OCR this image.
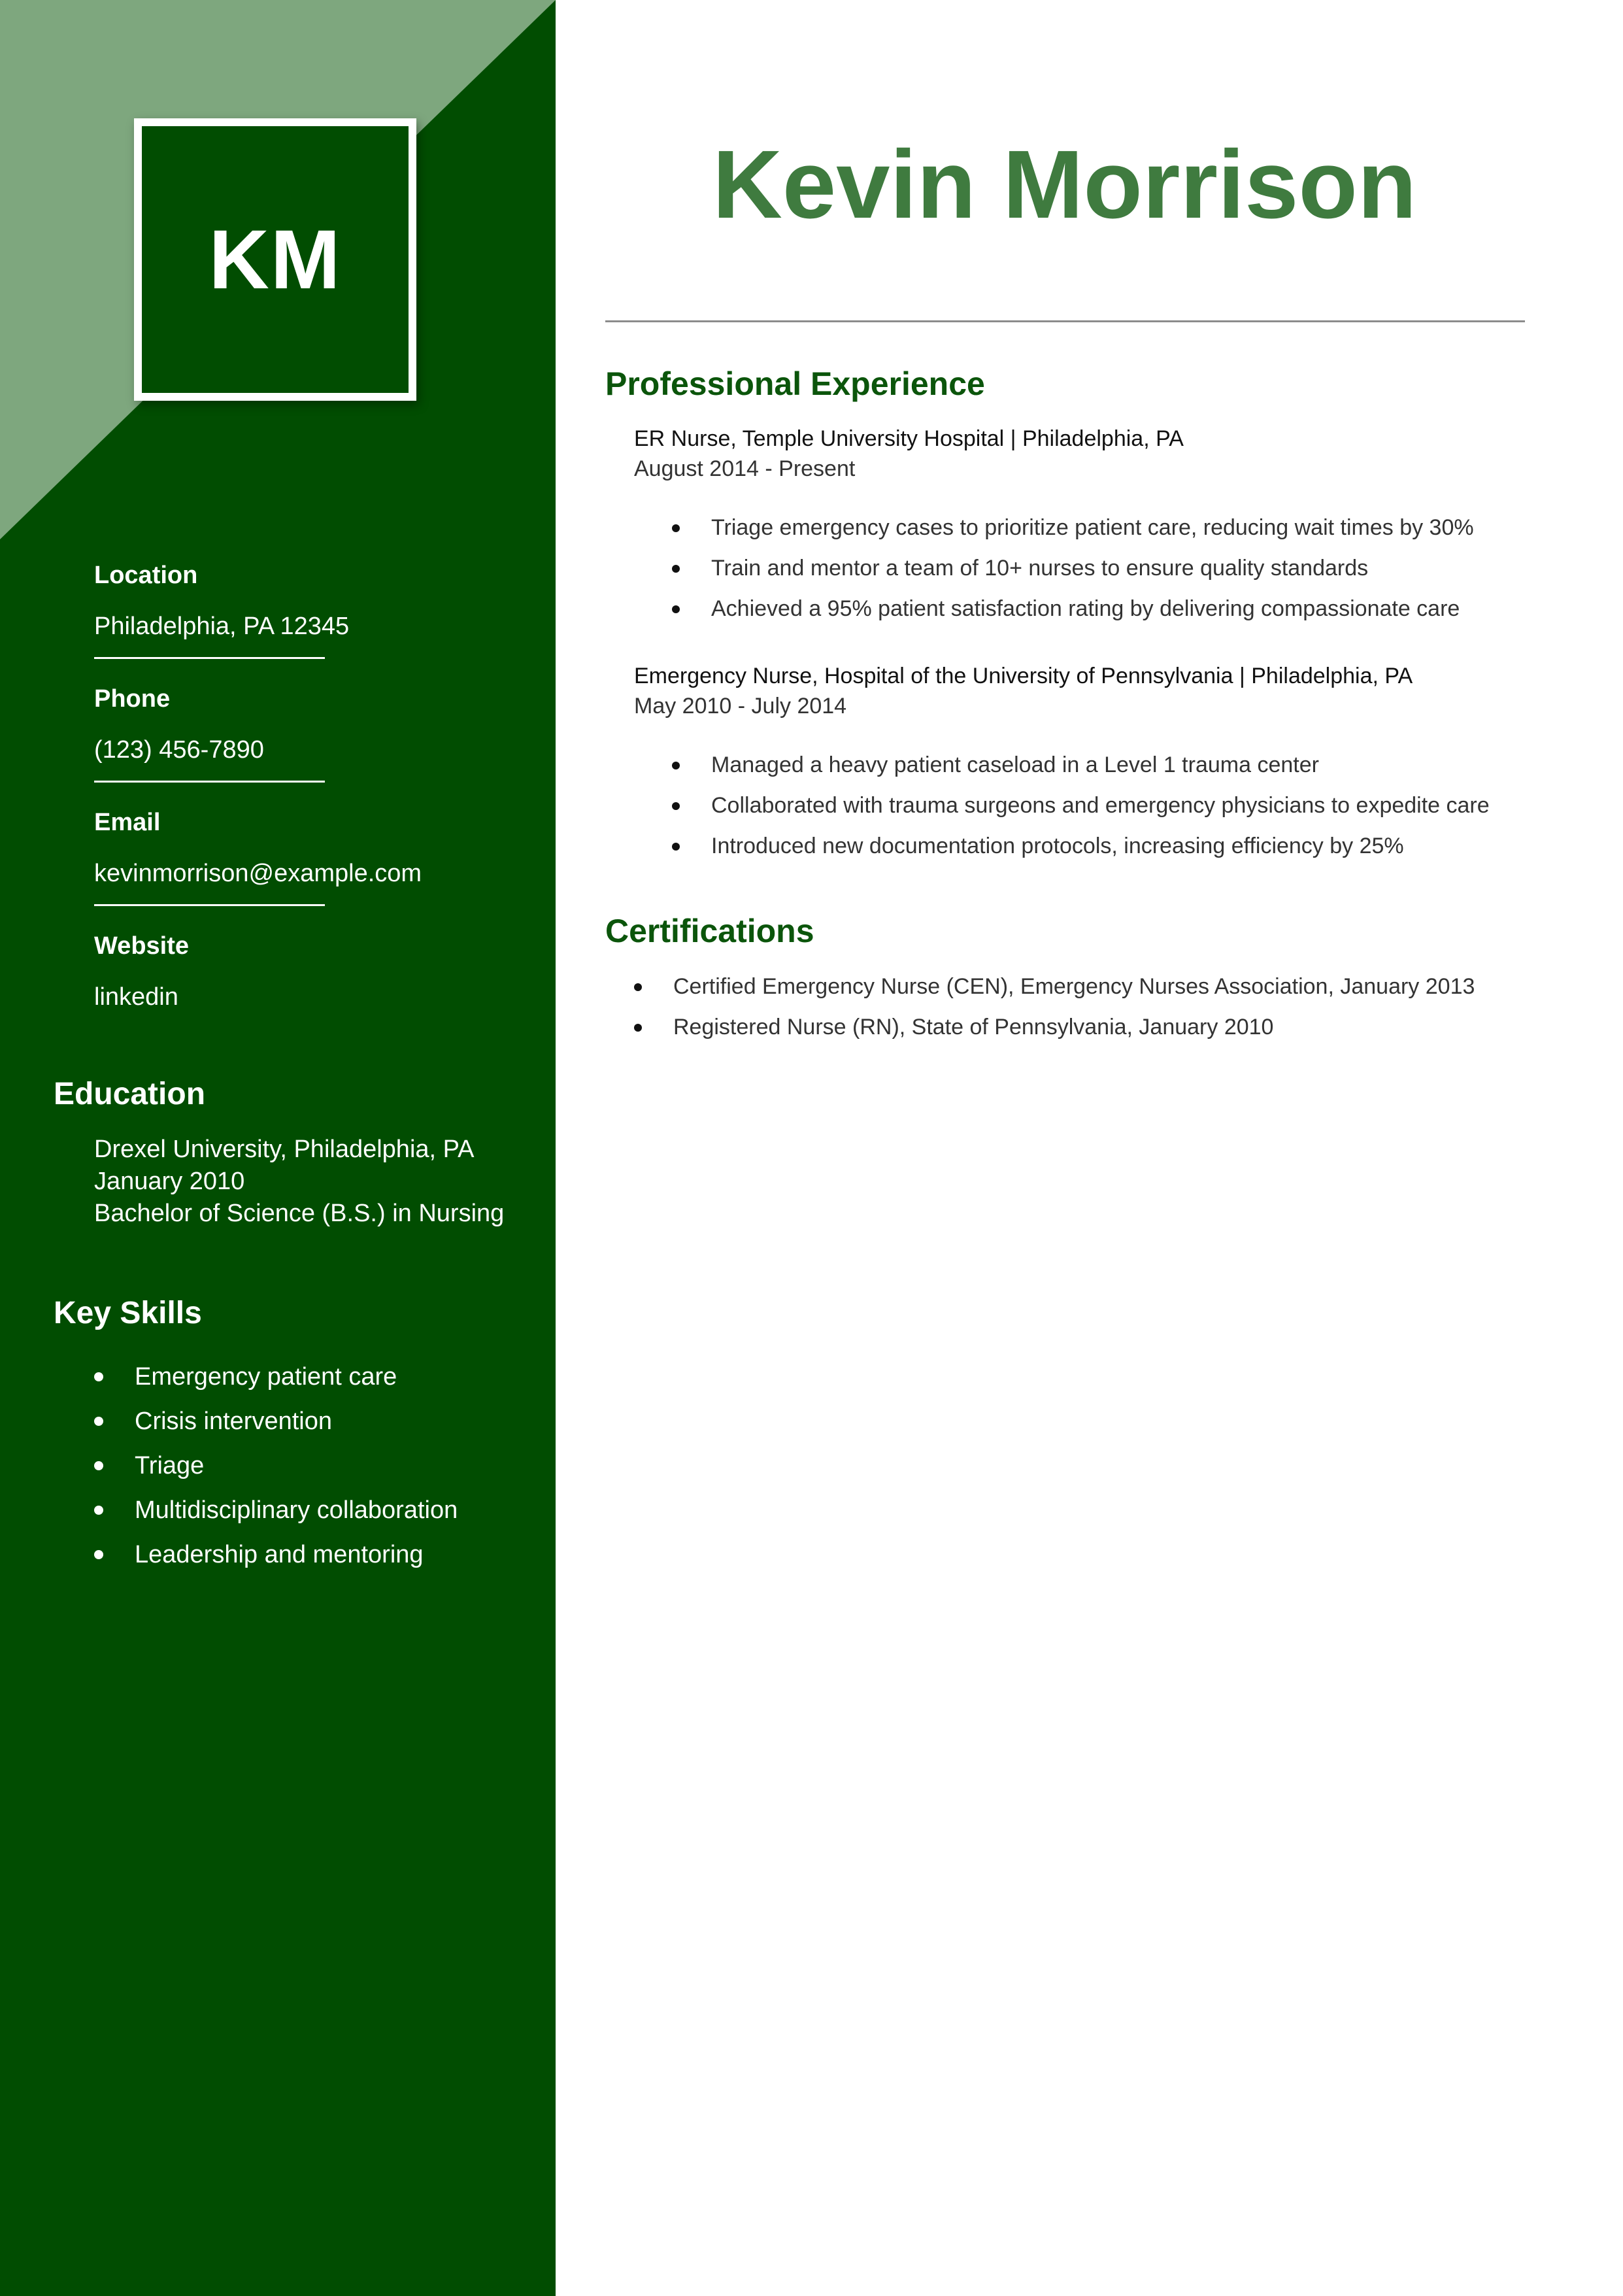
KM
Location
Philadelphia, PA 12345
Phone
(123) 456-7890
Email
kevinmorrison@example.com
Website
linkedin
Education
Drexel University, Philadelphia, PA
January 2010
Bachelor of Science (B.S.) in Nursing
Key Skills
Emergency patient care
Crisis intervention
Triage
Multidisciplinary collaboration
Leadership and mentoring
Kevin Morrison
Professional Experience
ER Nurse, Temple University Hospital | Philadelphia, PA
August 2014 - Present
Triage emergency cases to prioritize patient care, reducing wait times by 30%
Train and mentor a team of 10+ nurses to ensure quality standards
Achieved a 95% patient satisfaction rating by delivering compassionate care
Emergency Nurse, Hospital of the University of Pennsylvania | Philadelphia, PA
May 2010 - July 2014
Managed a heavy patient caseload in a Level 1 trauma center
Collaborated with trauma surgeons and emergency physicians to expedite care
Introduced new documentation protocols, increasing efficiency by 25%
Certifications
Certified Emergency Nurse (CEN), Emergency Nurses Association, January 2013
Registered Nurse (RN), State of Pennsylvania, January 2010
